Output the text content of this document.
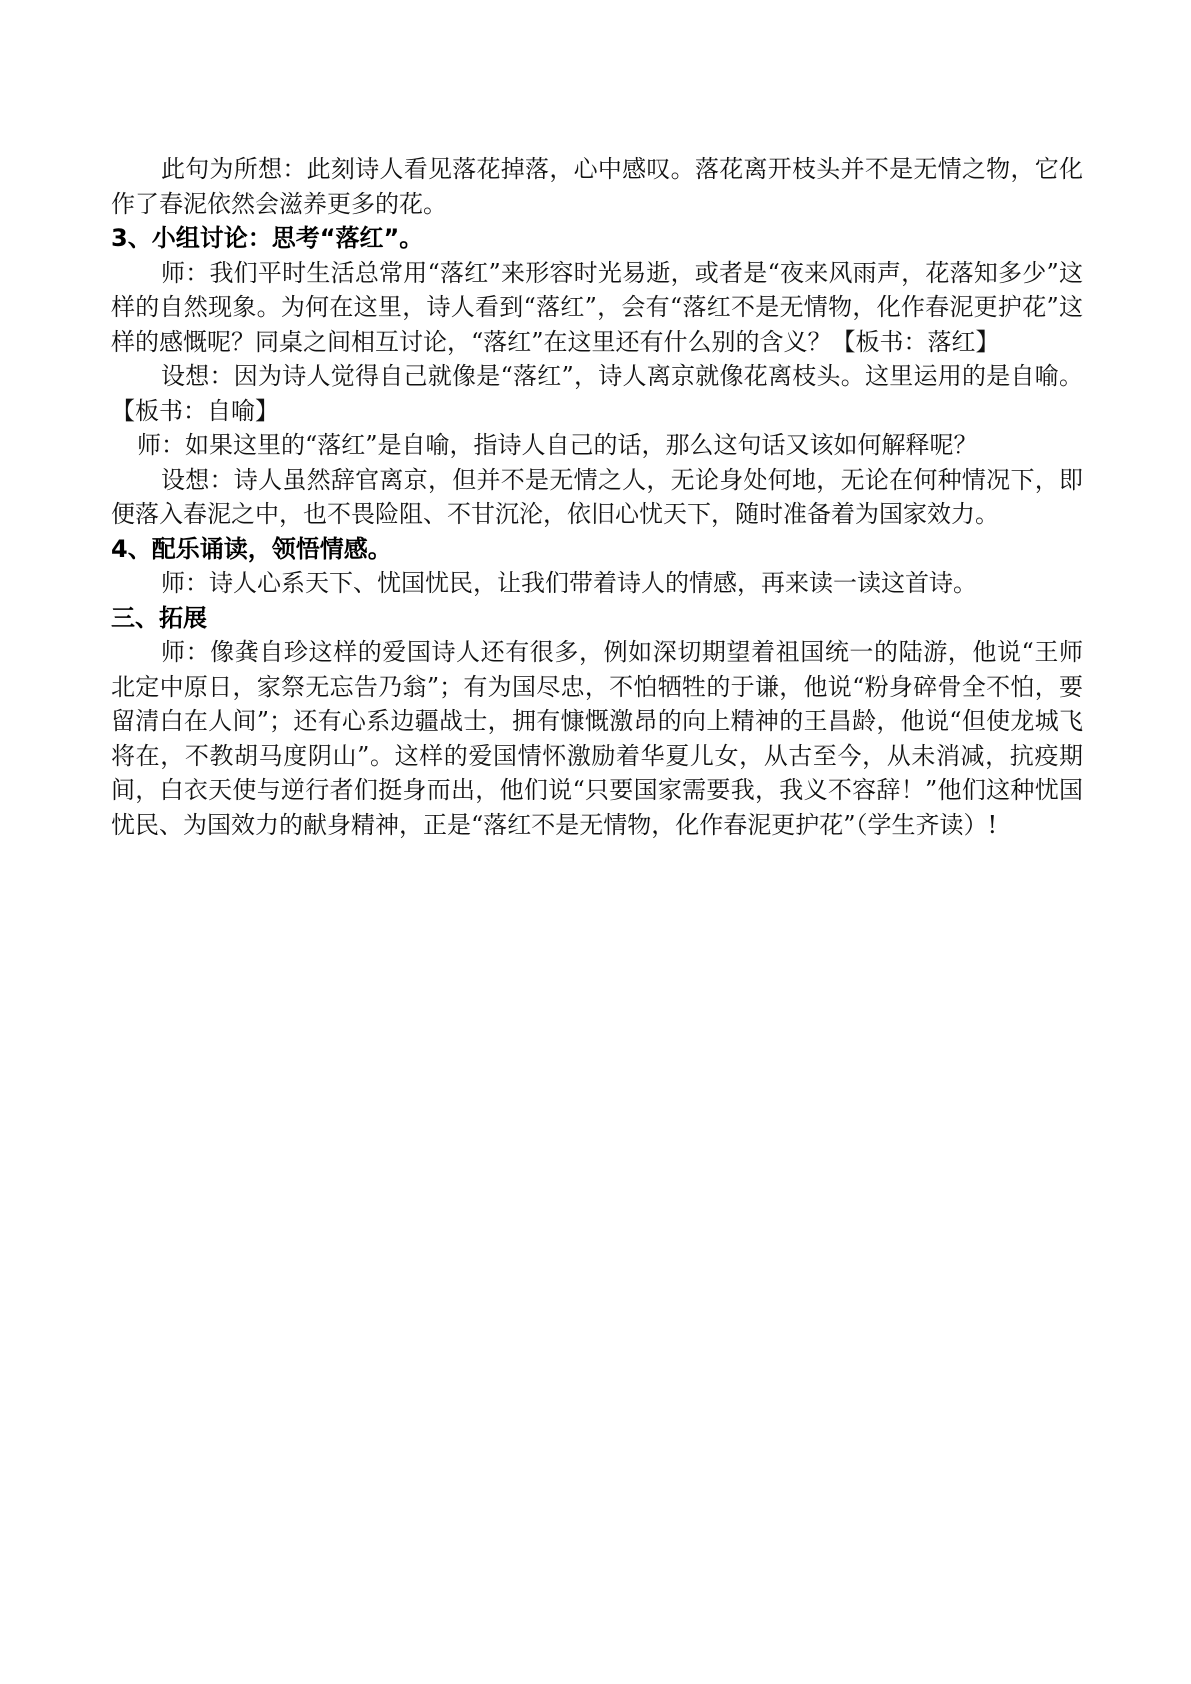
此句为所想：此刻诗人看见落花掉落，心中感叹。落花离开枝头并不是无情之物，它化作了春泥依然会滋养更多的花。

3、小组讨论：思考“落红”。

师：我们平时生活总常用“落红”来形容时光易逝，或者是“夜来风雨声，花落知多少”这样的自然现象。为何在这里，诗人看到“落红”，会有“落红不是无情物，化作春泥更护花”这样的感慨呢？同桌之间相互讨论，“落红”在这里还有什么别的含义？【板书：落红】

设想：因为诗人觉得自己就像是“落红”，诗人离京就像花离枝头。这里运用的是自喻。【板书：自喻】

师：如果这里的“落红”是自喻，指诗人自己的话，那么这句话又该如何解释呢？

设想：诗人虽然辞官离京，但并不是无情之人，无论身处何地，无论在何种情况下，即便落入春泥之中，也不畏险阻、不甘沉沦，依旧心忧天下，随时准备着为国家效力。

4、配乐诵读，领悟情感。

师：诗人心系天下、忧国忧民，让我们带着诗人的情感，再来读一读这首诗。

三、拓展

师：像龚自珍这样的爱国诗人还有很多，例如深切期望着祖国统一的陆游，他说“王师北定中原日，家祭无忘告乃翁”；有为国尽忠，不怕牺牲的于谦，他说“粉身碎骨全不怕，要留清白在人间”；还有心系边疆战士，拥有慷慨激昂的向上精神的王昌龄，他说“但使龙城飞将在，不教胡马度阴山”。这样的爱国情怀激励着华夏儿女，从古至今，从未消减，抗疫期间，白衣天使与逆行者们挺身而出，他们说“只要国家需要我，我义不容辞！”他们这种忧国忧民、为国效力的献身精神，正是“落红不是无情物，化作春泥更护花”（学生齐读）!
